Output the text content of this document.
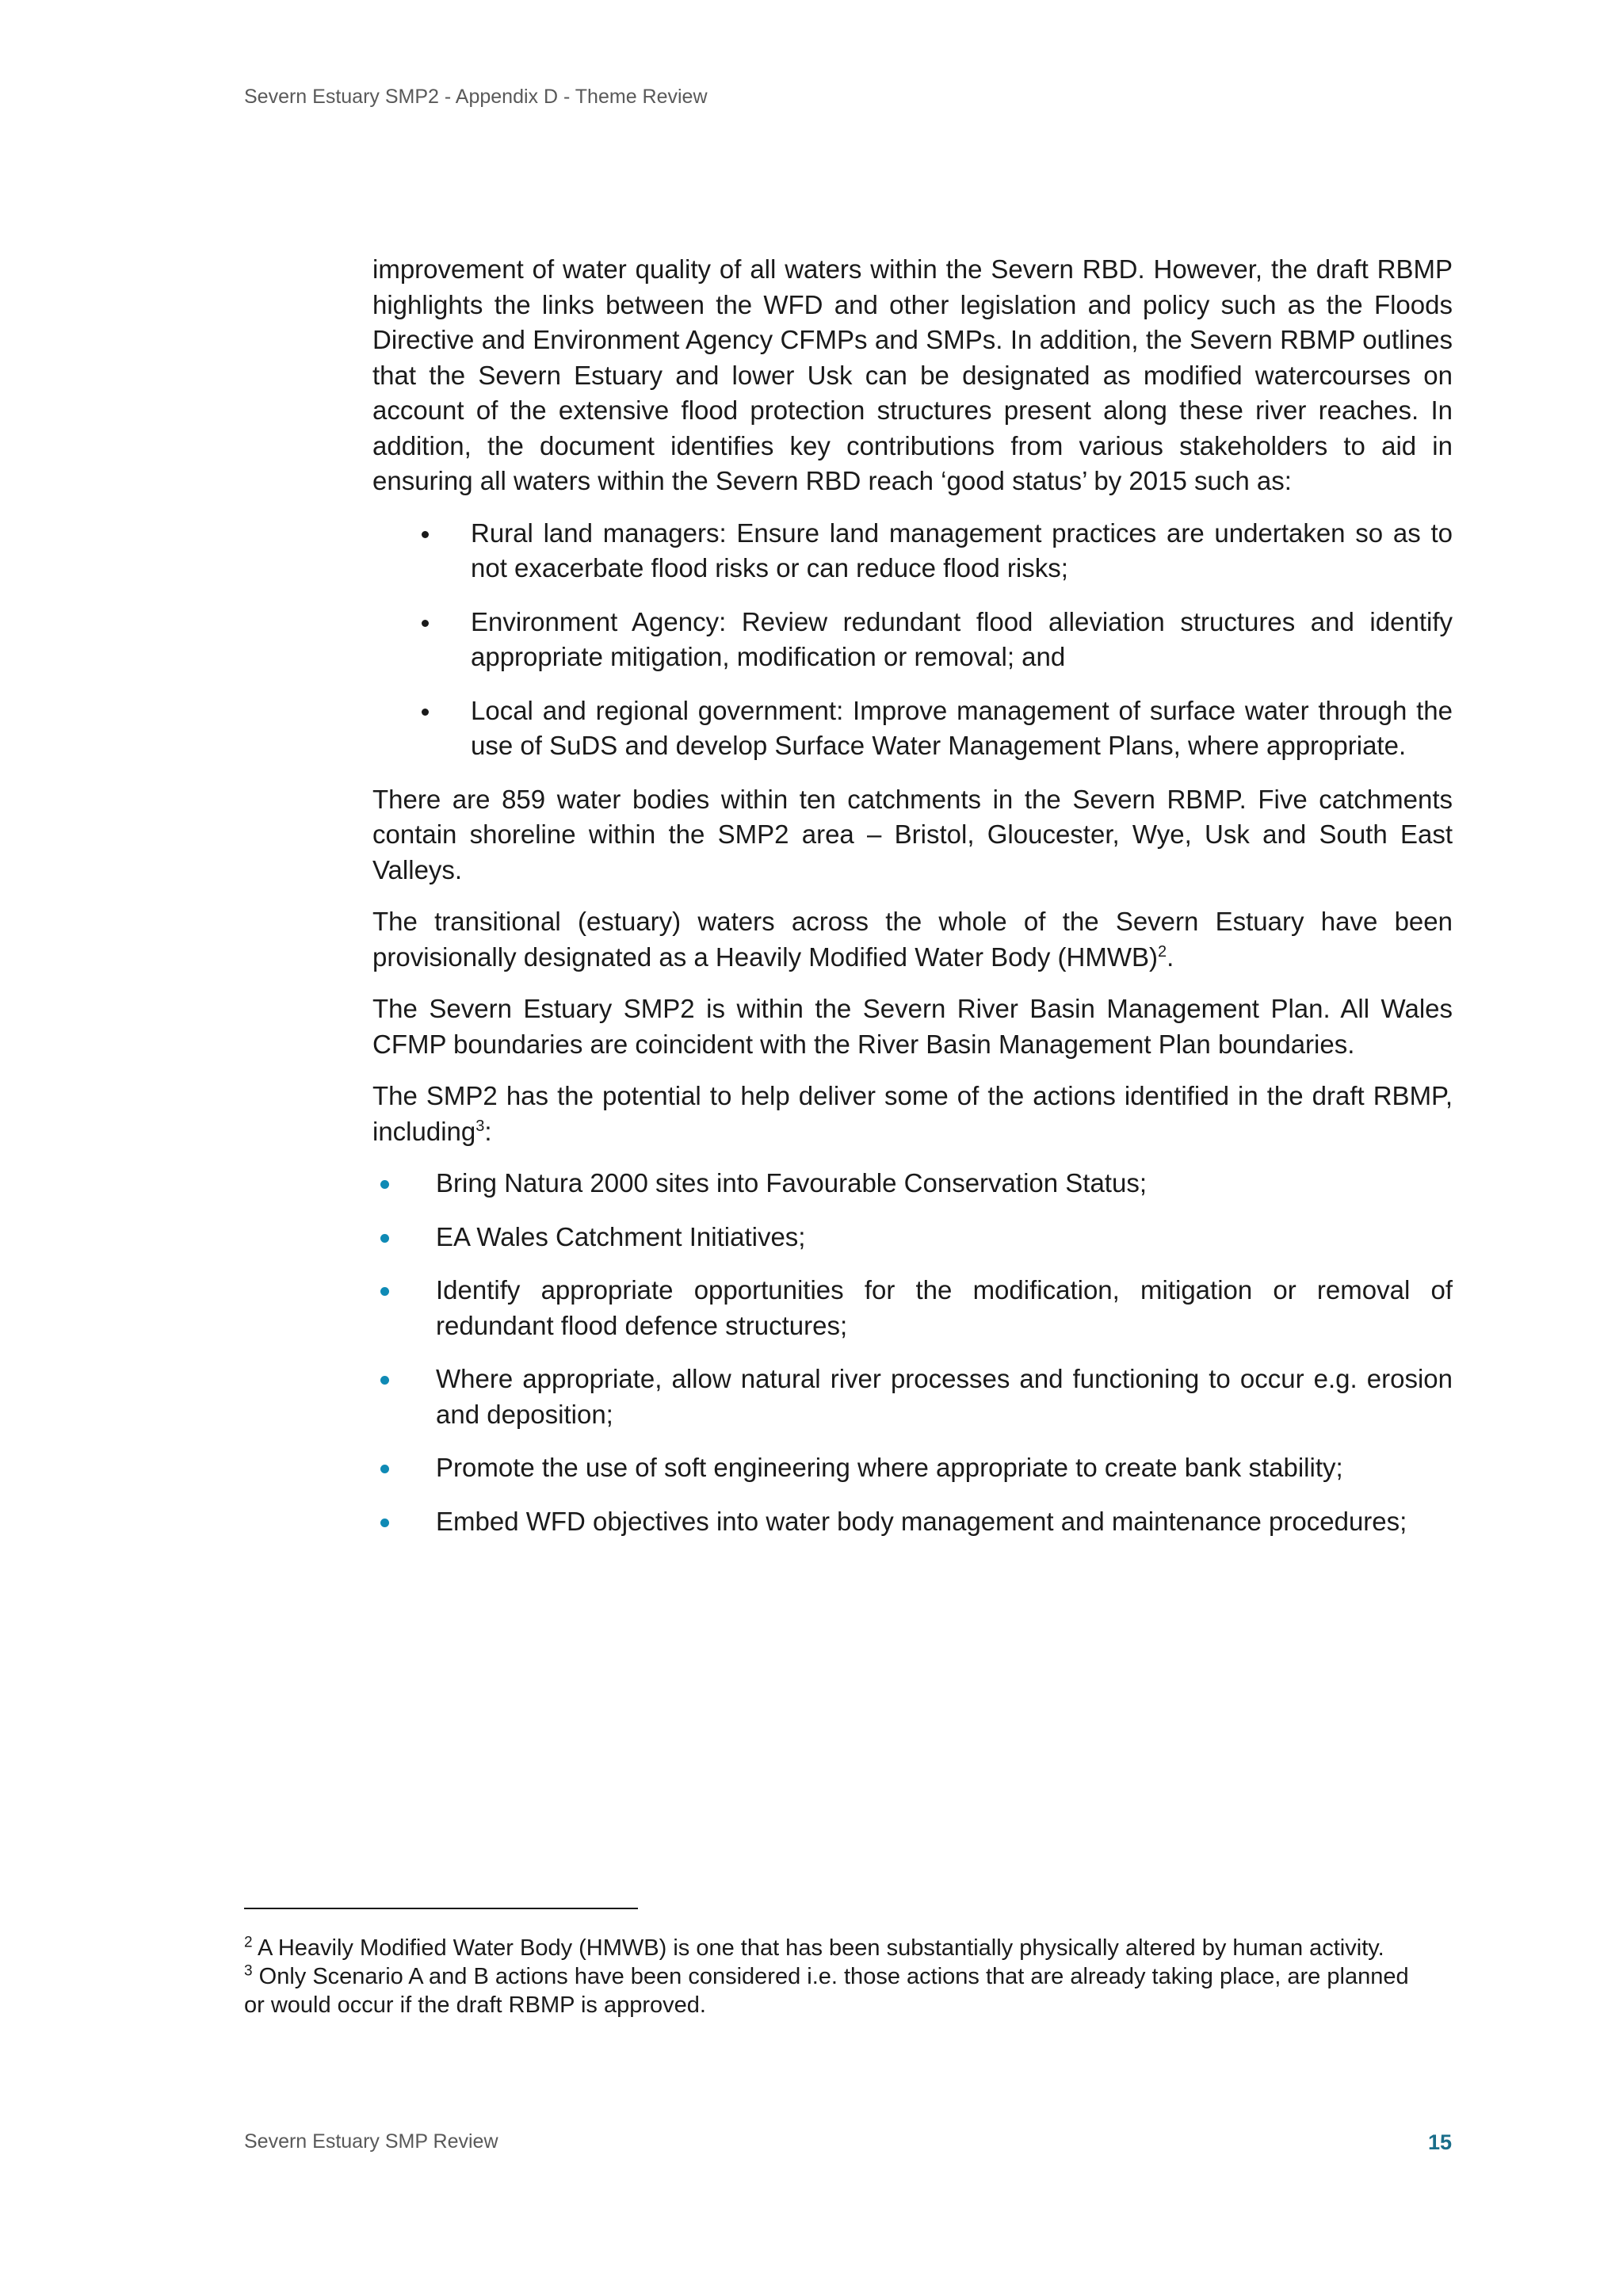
Severn Estuary SMP2 - Appendix D - Theme Review

improvement of water quality of all waters within the Severn RBD. However, the draft RBMP highlights the links between the WFD and other legislation and policy such as the Floods Directive and Environment Agency CFMPs and SMPs. In addition, the Severn RBMP outlines that the Severn Estuary and lower Usk can be designated as modified watercourses on account of the extensive flood protection structures present along these river reaches. In addition, the document identifies key contributions from various stakeholders to aid in ensuring all waters within the Severn RBD reach ‘good status’ by 2015 such as:

Rural land managers: Ensure land management practices are undertaken so as to not exacerbate flood risks or can reduce flood risks;
Environment Agency: Review redundant flood alleviation structures and identify appropriate mitigation, modification or removal; and
Local and regional government: Improve management of surface water through the use of SuDS and develop Surface Water Management Plans, where appropriate.

There are 859 water bodies within ten catchments in the Severn RBMP. Five catchments contain shoreline within the SMP2 area – Bristol, Gloucester, Wye, Usk and South East Valleys.

The transitional (estuary) waters across the whole of the Severn Estuary have been provisionally designated as a Heavily Modified Water Body (HMWB)$^2$.

The Severn Estuary SMP2 is within the Severn River Basin Management Plan. All Wales CFMP boundaries are coincident with the River Basin Management Plan boundaries.

The SMP2 has the potential to help deliver some of the actions identified in the draft RBMP, including$^3$:

Bring Natura 2000 sites into Favourable Conservation Status;
EA Wales Catchment Initiatives;
Identify appropriate opportunities for the modification, mitigation or removal of redundant flood defence structures;
Where appropriate, allow natural river processes and functioning to occur e.g. erosion and deposition;
Promote the use of soft engineering where appropriate to create bank stability;
Embed WFD objectives into water body management and maintenance procedures;

$^2$ A Heavily Modified Water Body (HMWB) is one that has been substantially physically altered by human activity.

$^3$ Only Scenario A and B actions have been considered i.e. those actions that are already taking place, are planned or would occur if the draft RBMP is approved.

Severn Estuary SMP Review	15
